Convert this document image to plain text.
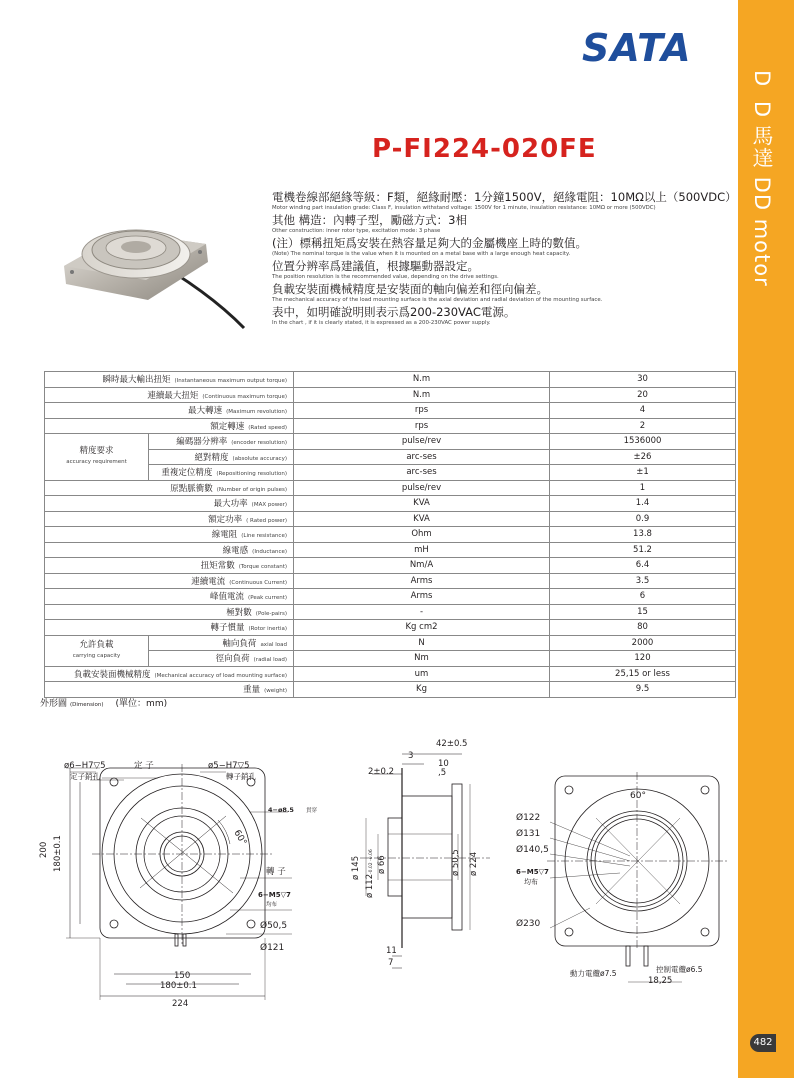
D D
馬達 DD motor
482
SATA
P-FI224-020FE
電機卷線部絕緣等級：F類，絕緣耐壓：1分鐘1500V，絕緣電阻：10MΩ以上（500VDC）
Motor winding part insulation grade: Class F, insulation withstand voltage: 1500V for 1 minute, insulation resistance: 10MΩ or more (500VDC)
其他 構造：內轉子型，勵磁方式：3相
Other construction: inner rotor type, excitation mode: 3 phase
(注）標稱扭矩爲安裝在熱容量足夠大的金屬機座上時的數值。
(Note) The nominal torque is the value when it is mounted on a metal base with a large enough heat capacity.
位置分辨率爲建議值，根據驅動器設定。
The position resolution is the recommended value, depending on the drive settings.
負載安裝面機械精度是安裝面的軸向偏差和徑向偏差。
The mechanical accuracy of the load mounting surface is the axial deviation and radial deviation of the mounting surface.
表中，如明確說明則表示爲200-230VAC電源。
In the chart , if it is clearly stated, it is expressed as a 200-230VAC power supply.
瞬時最大輸出扭矩 (Instantaneous maximum output torque)		N.m	30
連續最大扭矩 (Continuous maximum torque)		N.m	20
最大轉速 (Maximum revolution)		rps	4
額定轉速 (Rated speed)		rps	2
精度要求
accuracy requirement	編碼器分辨率 (encoder resolution)	pulse/rev	1536000
	絕對精度 (absolute accuracy)	arc-ses	±26
	重複定位精度 (Repositioning resolution)	arc-ses	±1
原點脈衝數 (Number of origin pulses)		pulse/rev	1
最大功率 (MAX power)		KVA	1.4
額定功率 ( Rated power)		KVA	0.9
線電阻 (Line resistance)		Ohm	13.8
線電感 (Inductance)		mH	51.2
扭矩常數 (Torque constant)		Nm/A	6.4
連續電流 (Continuous Current)		Arms	3.5
峰值電流 (Peak current)		Arms	6
極對數 (Pole-pairs)		-	15
轉子慣量 (Rotor inertia)		Kg cm2	80
允許負載
carrying capacity	軸向負荷 axial load	N	2000
	徑向負荷 (radial load)	Nm	120
負載安裝面機械精度 (Mechanical accuracy of load mounting surface)		um	25,15 or less
重量 (weight)		Kg	9.5
外形圖 (Dimension) (單位：mm)
ø6−H7▽5	定 子	ø5−H7▽5
定子銷孔	轉子銷孔
4−ø8.5 貫穿
60°
轉 子
6−M5▽7
均布
Ø50,5
Ø121
200 180±0.1
150
180±0.1
224
42±0.5
3
10
2±0.2	,5
ø 145 -0.02 -0.06
ø 112
ø 66	ø 50,5 ø 224
11
7
60°
Ø122
Ø131
Ø140,5
6−M5▽7
均布
Ø230
動力電纜ø7.5	控制電纜ø6.5
18,25
